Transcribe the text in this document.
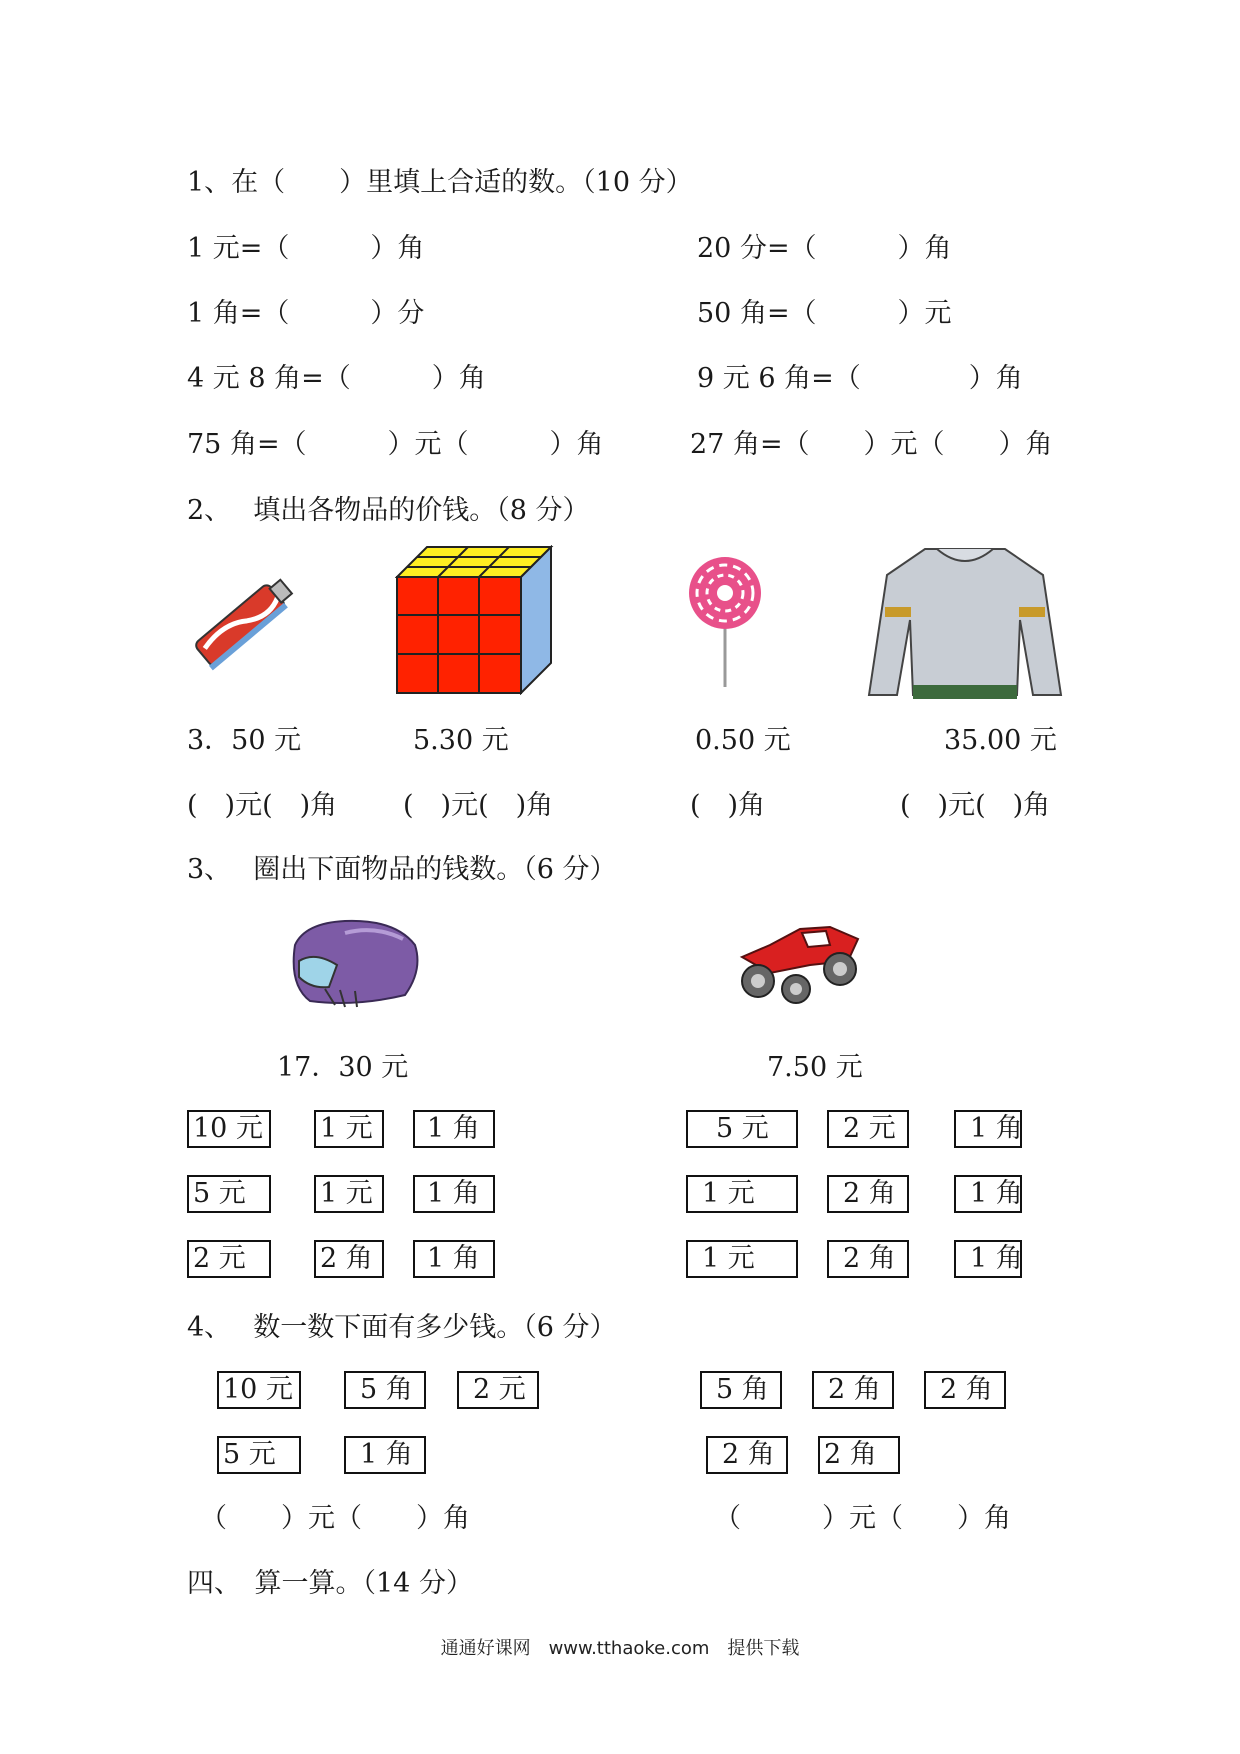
1、在（　　）里填上合适的数。（10 分）
1 元=（　　　）角	20 分=（　　　）角
1 角=（　　　）分	50 角=（　　　）元
4 元 8 角=（　　　）角	9 元 6 角=（　　　　）角
75 角=（　　　）元（　　　）角	27 角=（　　）元（　　）角
2、　 填出各物品的价钱。（8 分）
3．50 元	5.30 元	0.50 元	35.00 元
(　)元(　)角 (　)元(　)角	(　)角	(　)元(　)角
3、　 圈出下面物品的钱数。（6 分）
17．30 元	7.50 元
10 元 1 元	1 角
5 元	1 元	1 角
2 元	2 角	1 角
5 元	2 元	1 角
1 元	2 角	1 角
1 元	2 角	1 角
4、　 数一数下面有多少钱。（6 分）
10 元	5 角	2 元
5 元	1 角
5 角	2 角	2 角
2 角	2 角
（　　）元（　　）角	（　　　）元（　　）角
四、　算一算。（14 分）
通通好课网　www.tthaoke.com　提供下载
